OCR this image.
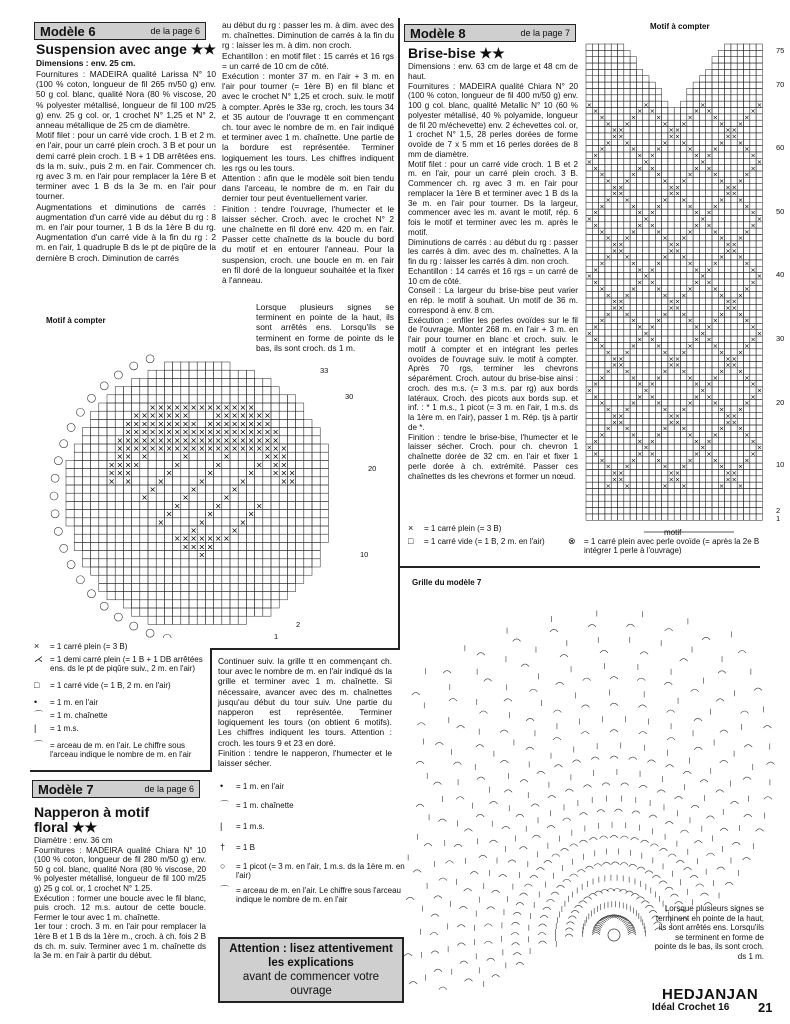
Modèle 6	de la page 6
Suspension avec ange ★★
Dimensions : env. 25 cm.
Fournitures : MADEIRA qualité Larissa N° 10 (100 % coton, longueur de fil 265 m/50 g) env. 50 g col. blanc, qualité Nora (80 % viscose, 20 % polyester métallisé, longueur de fil 100 m/25 g) env. 25 g col. or, 1 crochet N° 1,25 et N° 2, anneau métallique de 25 cm de diamètre.
Motif filet : pour un carré vide croch. 1 B et 2 m. en l'air, pour un carré plein croch. 3 B et pour un demi carré plein croch. 1 B + 1 DB arrêtées ens. ds la m. suiv., puis 2 m. en l'air. Commencer ch. rg avec 3 m. en l'air pour remplacer la 1ère B et terminer avec 1 B ds la 3e m. en l'air pour tourner.
Augmentations et diminutions de carrés : augmentation d'un carré vide au début du rg : 8 m. en l'air pour tourner, 1 B ds la 1ère B du rg. Augmentation d'un carré vide à la fin du rg : 2 m. en l'air, 1 quadruple B ds le pt de piqûre de la dernière B croch. Diminution de carrés
au début du rg : passer les m. à dim. avec des m. chaînettes. Diminution de carrés à la fin du rg : laisser les m. à dim. non croch.
Echantillon : en motif filet : 15 carrés et 16 rgs = un carré de 10 cm de côté.
Exécution : monter 37 m. en l'air + 3 m. en l'air pour tourner (= 1ère B) en fil blanc et avec le crochet N° 1,25 et croch. suiv. le motif à compter. Après le 33e rg, croch. les tours 34 et 35 autour de l'ouvrage tt en commençant ch. tour avec le nombre de m. en l'air indiqué et terminer avec 1 m. chaînette. Une partie de la bordure est représentée. Terminer logiquement les tours. Les chiffres indiquent les rgs ou les tours.
Attention : afin que le modèle soit bien tendu dans l'arceau, le nombre de m. en l'air du dernier tour peut éventuellement varier.
Finition : tendre l'ouvrage, l'humecter et le laisser sécher. Croch. avec le crochet N° 2 une chaînette en fil doré env. 420 m. en l'air. Passer cette chaînette ds la boucle du bord du motif et en entourer l'anneau. Pour la suspension, croch. une boucle en m. en l'air en fil doré de la longueur souhaitée et la fixer à l'anneau.
Lorsque plusieurs signes se terminent en pointe de la haut, ils sont arrêtés ens. Lorsqu'ils se terminent en forme de pointe ds le bas, ils sont croch. ds 1 m.
Motif à compter
×
×
×
×
×
×
×
×
×
×
×
×
×
×
×
×
×
×
×
×
×
×
×
×
×
×
×
×
×
×
×
×
×
×
×
×
×
×
×
×
×
×
×
×
×
×
×
×
×
×
×
×
×
×
×
×
×
×
×
×
×
×
×
×
×
×
×
×
×
×
×
×
×
×
×
×
×
×
×
×
×
×
×
×
×
×
×
×
×
×
×
×
×
×
×
×
×
×
×
×
×
×
×
×
×
×
×
×
×
×
×
×
×
×
×
×
×
×
×
×
×
×
×
×
×
×
×
×
×
×
×
×
×
×
×
×
×
×
×
×
×
×
×
×
×
×
×
×
×
×
×
×
×
×
×
×
×
×
×
×
×
×
×
×
×
×
33
30
20
10
2
1
×	= 1 carré plein (= 3 B)
⋌ = 1 demi carré plein (= 1 B + 1 DB arrêtées ens. ds le pt de piqûre suiv., 2 m. en l'air)
□	= 1 carré vide (= 1 B, 2 m. en l'air)
•	= 1 m. en l'air
⌒ = 1 m. chaînette
|	= 1 m.s.
⌒ = arceau de m. en l'air. Le chiffre sous l'arceau indique le nombre de m. en l'air
Modèle 8	de la page 7
Brise-bise ★★
Dimensions : env. 63 cm de large et 48 cm de haut.
Fournitures : MADEIRA qualité Chiara N° 20 (100 % coton, longueur de fil 400 m/50 g) env. 100 g col. blanc, qualité Metallic N° 10 (60 % polyester métallisé, 40 % polyamide, longueur de fil 20 m/échevette) env. 2 échevettes col. or, 1 crochet N° 1,5, 28 perles dorées de forme ovoïde de 7 x 5 mm et 16 perles dorées de 8 mm de diamètre.
Motif filet : pour un carré vide croch. 1 B et 2 m. en l'air, pour un carré plein croch. 3 B. Commencer ch. rg avec 3 m. en l'air pour remplacer la 1ère B et terminer avec 1 B ds la 3e m. en l'air pour tourner. Ds la largeur, commencer avec les m. avant le motif, rép. 6 fois le motif et terminer avec les m. après le motif.
Diminutions de carrés : au début du rg : passer les carrés à dim. avec des m. chaînettes. A la fin du rg : laisser les carrés à dim. non croch.
Echantillon : 14 carrés et 16 rgs = un carré de 10 cm de côté.
Conseil : La largeur du brise-bise peut varier en rép. le motif à souhait. Un motif de 36 m. correspond à env. 8 cm.
Exécution : enfiler les perles ovoïdes sur le fil de l'ouvrage. Monter 268 m. en l'air + 3 m. en l'air pour tourner en blanc et croch. suiv. le motif à compter et en intégrant les perles ovoïdes de l'ouvrage suiv. le motif à compter. Après 70 rgs, terminer les chevrons séparément. Croch. autour du brise-bise ainsi : croch. des m.s. (= 3 m.s. par rg) aux bords latéraux. Croch. des picots aux bords sup. et inf. : * 1 m.s., 1 picot (= 3 m. en l'air, 1 m.s. ds la 1ère m. en l'air), passer 1 m. Rép. tjs à partir de *.
Finition : tendre le brise-bise, l'humecter et le laisser sécher. Croch. pour ch. chevron 1 chaînette dorée de 32 cm. en l'air et fixer 1 perle dorée à ch. extrémité. Passer ces chaînettes ds les chevrons et former un nœud.
Motif à compter
×	×	×	×
×	× ×	× ×	×
×	×	×	×	×	×
× ×	× ×	× ×
× ×	× ×	× ×
× ×	× ×	× ×
× ×	× ×	× ×
×	×	×	×	×	×
×	× ×	× ×	×
×	×	×	×
×	× ×	× ×	×
×	×	×	×	×	×
× ×	× ×	× ×
× ×	× ×	× ×
× ×	× ×	× ×
× ×	× ×	× ×
×	×	×	×	×	×
×	× ×	× ×	×
×	×	×	×
×	× ×	× ×	×
×	×	×	×	×	×
× ×	× ×	× ×
× ×	× ×	× ×
× ×	× ×	× ×
× ×	× ×	× ×
×	×	×	×	×	×
×	× ×	× ×	×
×	×	×	×
×	× ×	× ×	×
×	×	×	×	×	×
× ×	× ×	× ×
× ×	× ×	× ×
× ×	× ×	× ×
× ×	× ×	× ×
×	×	×	×	×	×
×	× ×	× ×	×
×	×	×	×
×	× ×	× ×	×
×	×	×	×	×	×
× ×	× ×	× ×
× ×	× ×	× ×
× ×	× ×	× ×
× ×	× ×	× ×
×	×	×	×	×	×
×	× ×	× ×	×
×	×	×	×
×	× ×	× ×	×
×	×	×	×	×	×
× ×	× ×	× ×
× ×	× ×	× ×
× ×	× ×	× ×
× ×	× ×	× ×
×	×	×	×	×	×
×	× ×	× ×	×
×	×	×	×
×	× ×	× ×	×
×	×	×	×	×	×
× ×	× ×	× ×
× ×	× ×	× ×
× ×	× ×	× ×
× ×	× ×	× ×
75
70
60
50
40
30
20
10
2
1
motif
×	= 1 carré plein (= 3 B)
□	= 1 carré vide (= 1 B, 2 m. en l'air)	⊗	= 1 carré plein avec perle ovoïde (= après la 2e B intégrer 1 perle à l'ouvrage)
Modèle 7	de la page 6
Napperon à motif
floral ★★
Diamètre : env. 36 cm
Fournitures : MADEIRA qualité Chiara N° 10 (100 % coton, longueur de fil 280 m/50 g) env. 50 g col. blanc, qualité Nora (80 % viscose, 20 % polyester métallisé, longueur de fil 100 m/25 g) 25 g col. or, 1 crochet N° 1.25.
Exécution : former une boucle avec le fil blanc, puis croch. 12 m.s. autour de cette boucle. Fermer le tour avec 1 m. chaînette.
1er tour : croch. 3 m. en l'air pour remplacer la 1ère B et 1 B ds la 1ère m., croch. à ch. fois 2 B ds ch. m. suiv. Terminer avec 1 m. chaînette ds la 3e m. en l'air à partir du début.
Continuer suiv. la grille tt en commençant ch. tour avec le nombre de m. en l'air indiqué ds la grille et terminer avec 1 m. chaînette. Si nécessaire, avancer avec des m. chaînettes jusqu'au début du tour suiv. Une partie du napperon est représentée. Terminer logiquement les tours (on obtient 6 motifs). Les chiffres indiquent les tours. Attention : croch. les tours 9 et 23 en doré.
Finition : tendre le napperon, l'humecter et le laisser sécher.
•	= 1 m. en l'air
⌒ = 1 m. chaînette
|	= 1 m.s.
†	= 1 B
○	= 1 picot (= 3 m. en l'air, 1 m.s. ds la 1ère m. en l'air)
⌒ = arceau de m. en l'air. Le chiffre sous l'arceau indique le nombre de m. en l'air
Attention : lisez attentivement les explications
avant de commencer votre ouvrage
Grille du modèle 7
Lorsque plusieurs signes se terminent en pointe de la haut, ils sont arrêtés ens. Lorsqu'ils se terminent en forme de pointe ds le bas, ils sont croch. ds 1 m.
HEDJANJAN
Idéal Crochet 16 21
